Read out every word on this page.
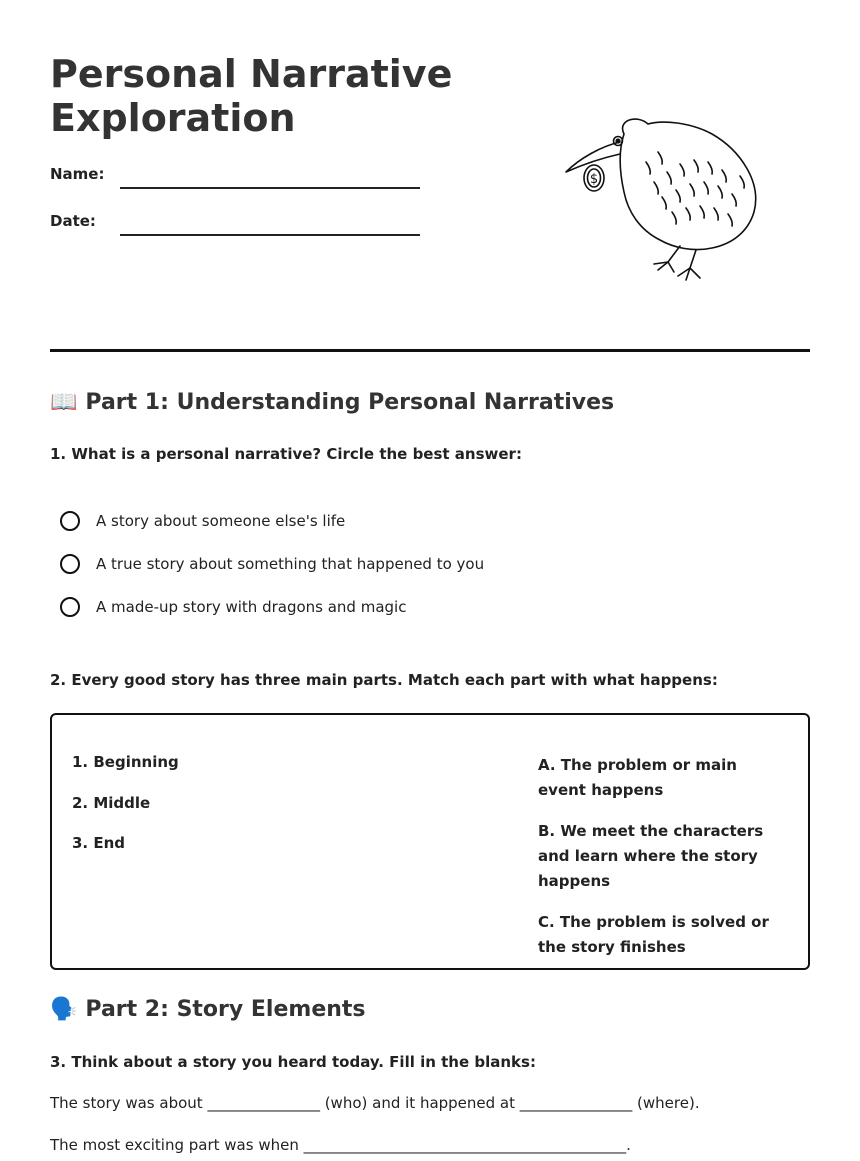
Personal Narrative
Exploration
Name:
Date:
$
📖 Part 1: Understanding Personal Narratives
1. What is a personal narrative? Circle the best answer:
A story about someone else's life
A true story about something that happened to you
A made-up story with dragons and magic
2. Every good story has three main parts. Match each part with what happens:
1. Beginning
2. Middle
3. End
A. The problem or main event happens
B. We meet the characters and learn where the story happens
C. The problem is solved or the story finishes
🗣️ Part 2: Story Elements
3. Think about a story you heard today. Fill in the blanks:
The story was about _______________ (who) and it happened at _______________ (where).
The most exciting part was when ___________________________________________.
